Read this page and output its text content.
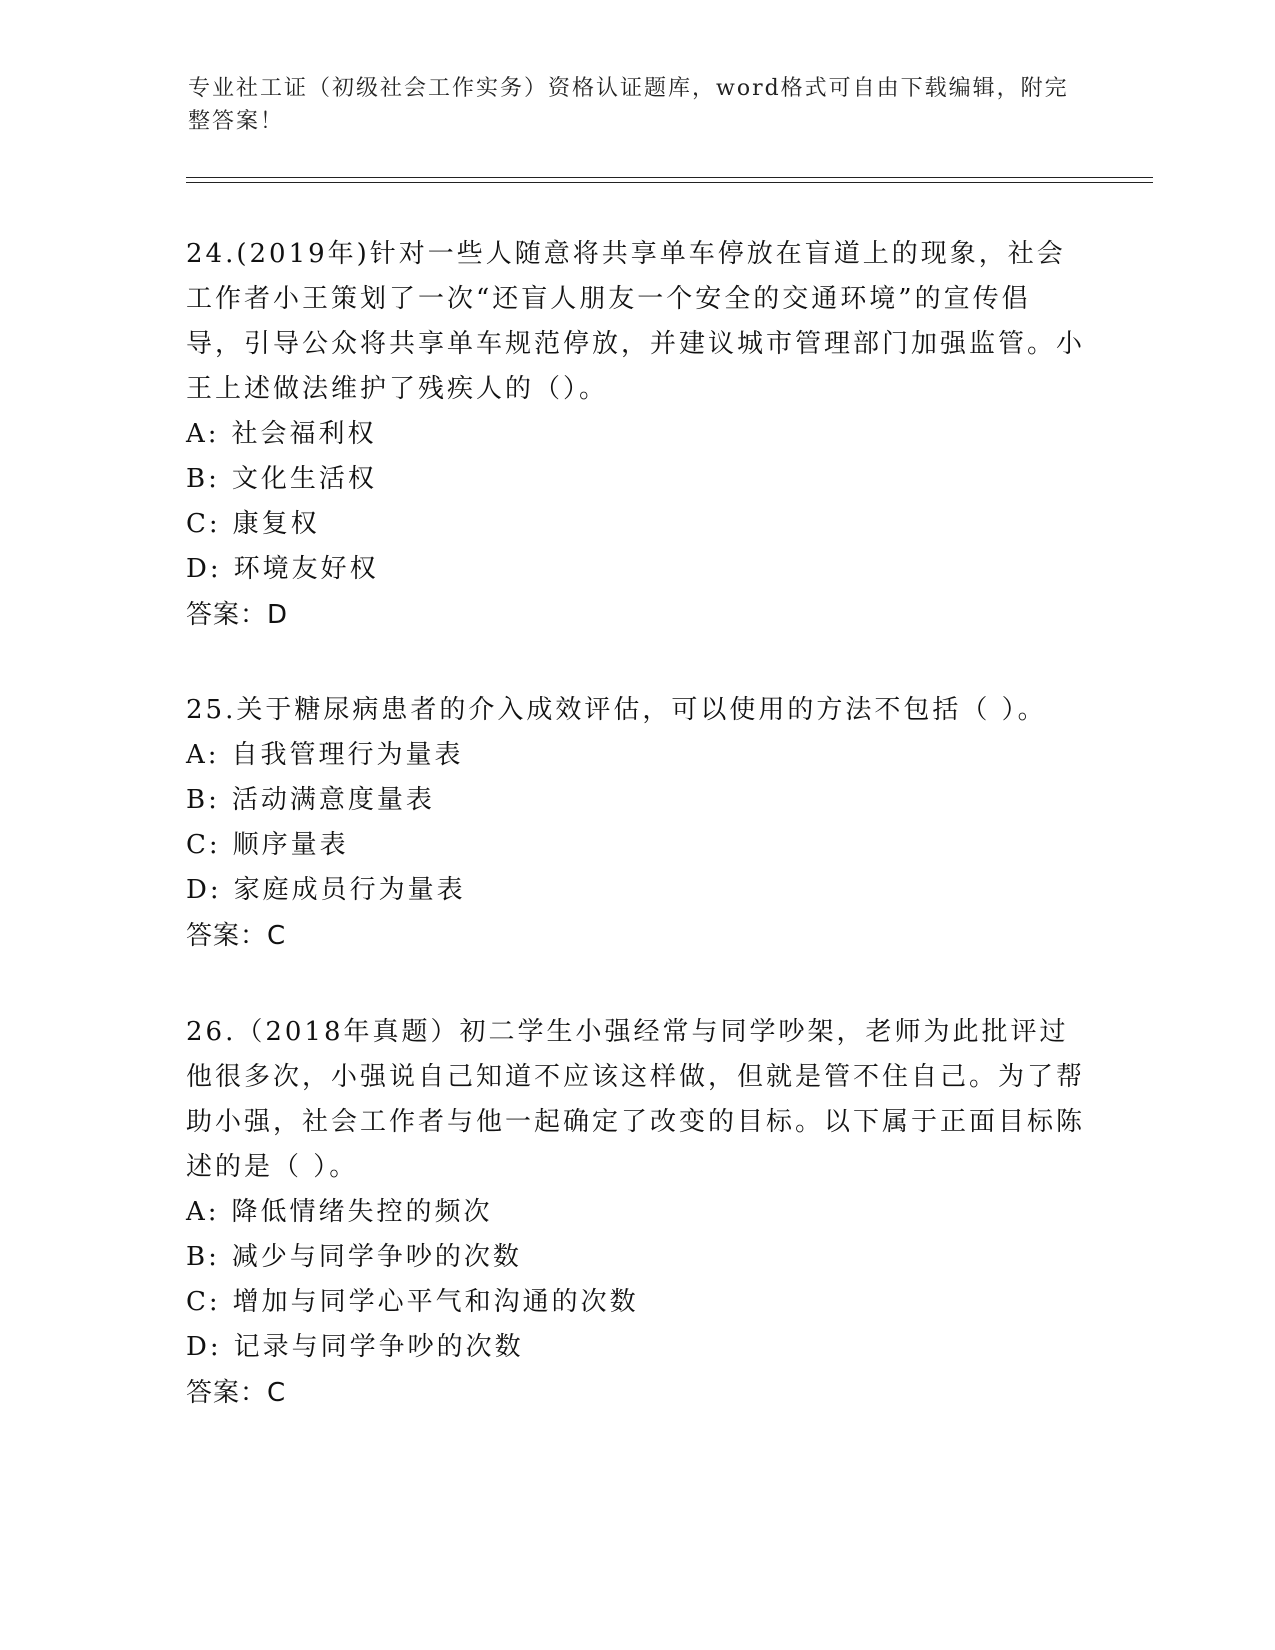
专业社工证（初级社会工作实务）资格认证题库，word格式可自由下载编辑，附完整答案！

24.(2019年)针对一些人随意将共享单车停放在盲道上的现象，社会工作者小王策划了一次“还盲人朋友一个安全的交通环境”的宣传倡导，引导公众将共享单车规范停放，并建议城市管理部门加强监管。小王上述做法维护了残疾人的（）。

A: 社会福利权

B: 文化生活权

C: 康复权

D: 环境友好权

答案：D

25.关于糖尿病患者的介入成效评估，可以使用的方法不包括（ ）。

A: 自我管理行为量表

B: 活动满意度量表

C: 顺序量表

D: 家庭成员行为量表

答案：C

26.（2018年真题）初二学生小强经常与同学吵架，老师为此批评过他很多次，小强说自己知道不应该这样做，但就是管不住自己。为了帮助小强，社会工作者与他一起确定了改变的目标。以下属于正面目标陈述的是（ ）。

A: 降低情绪失控的频次

B: 减少与同学争吵的次数

C: 增加与同学心平气和沟通的次数

D: 记录与同学争吵的次数

答案：C
